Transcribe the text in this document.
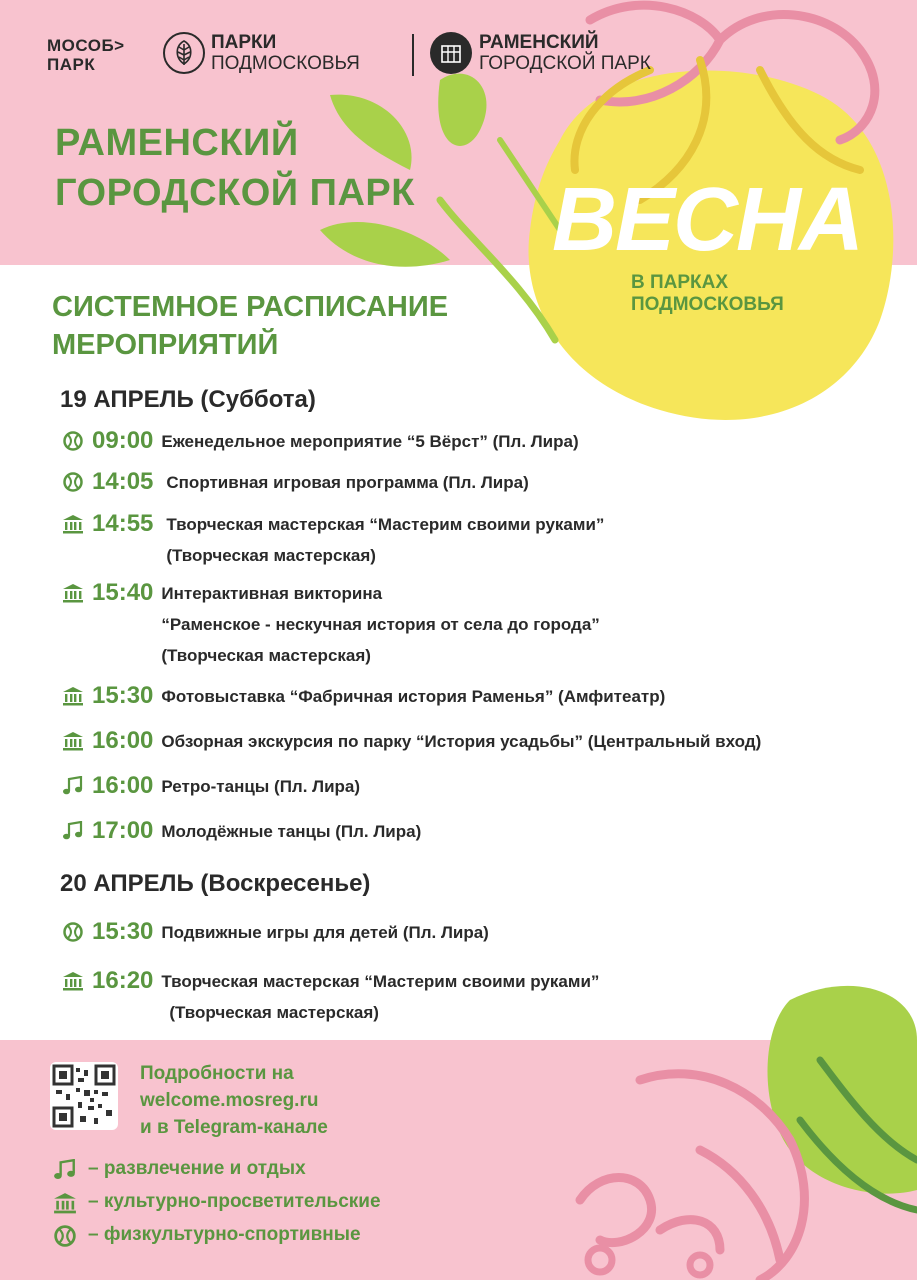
МОСОБ>
ПАРК
ПАРКИ
ПОДМОСКОВЬЯ
РАМЕНСКИЙ
ГОРОДСКОЙ ПАРК
РАМЕНСКИЙ
ГОРОДСКОЙ ПАРК ВЕСНА
В ПАРКАХ
ПОДМОСКОВЬЯ
СИСТЕМНОЕ РАСПИСАНИЕ
МЕРОПРИЯТИЙ
19 АПРЕЛЬ (Суббота)
09:00 Еженедельное мероприятие “5 Вёрст” (Пл. Лира)
14:05 Спортивная игровая программа (Пл. Лира)
14:55 Творческая мастерская “Мастерим своими руками”
(Творческая мастерская)
15:40 Интерактивная викторина
“Раменское - нескучная история от села до города”
(Творческая мастерская)
15:30 Фотовыставка “Фабричная история Раменья” (Амфитеатр)
16:00 Обзорная экскурсия по парку “История усадьбы” (Центральный вход)
16:00 Ретро-танцы (Пл. Лира)
17:00 Молодёжные танцы (Пл. Лира)
20 АПРЕЛЬ (Воскресенье)
15:30 Подвижные игры для детей (Пл. Лира)
16:20 Творческая мастерская “Мастерим своими руками”
(Творческая мастерская)
Подробности на
welcome.mosreg.ru
и в Telegram-канале
– развлечение и отдых
– культурно-просветительские
– физкультурно-спортивные
